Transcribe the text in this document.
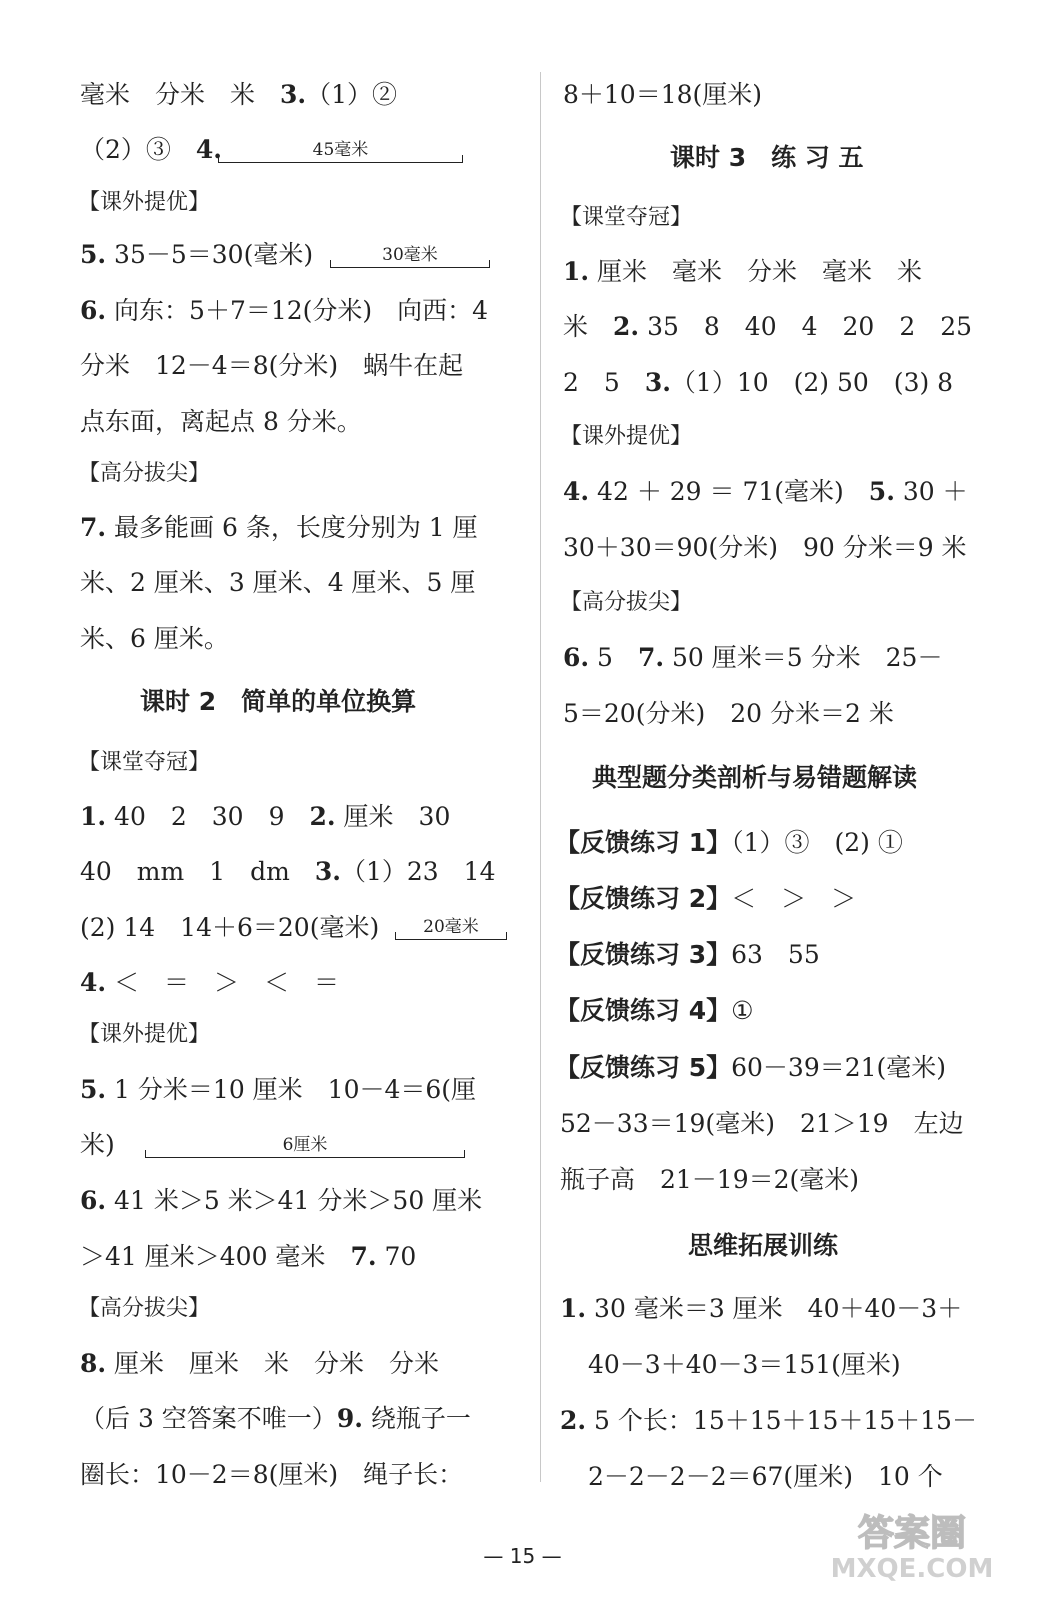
毫米　分米　米　3.（1）②
（2）③　4.	45毫米
【课外提优】
5. 35－5＝30(毫米)	30毫米
6. 向东：5＋7＝12(分米)　向西：4
分米　12－4＝8(分米)　蜗牛在起
点东面，离起点 8 分米。
【高分拔尖】
7. 最多能画 6 条，长度分别为 1 厘
米、2 厘米、3 厘米、4 厘米、5 厘
米、6 厘米。
课时 2　简单的单位换算
【课堂夺冠】
1. 40　2　30　9　2. 厘米　30
40　mm　1　dm　3.（1）23　14
(2) 14　14＋6＝20(毫米)	20毫米
4. ＜　＝　＞　＜　＝
【课外提优】
5. 1 分米＝10 厘米　10－4＝6(厘
米)	6厘米
6. 41 米＞5 米＞41 分米＞50 厘米
＞41 厘米＞400 毫米　7. 70
【高分拔尖】
8. 厘米　厘米　米　分米　分米
（后 3 空答案不唯一）9. 绕瓶子一
圈长：10－2＝8(厘米)　绳子长：
8＋10＝18(厘米)
课时 3　练 习 五
【课堂夺冠】
1. 厘米　毫米　分米　毫米　米
米　2. 35　8　40　4　20　2　25
2　5　3.（1）10　(2) 50　(3) 8
【课外提优】
4. 42 ＋ 29 ＝ 71(毫米)　5. 30 ＋
30＋30＝90(分米)　90 分米＝9 米
【高分拔尖】
6. 5　7. 50 厘米＝5 分米　25－
5＝20(分米)　20 分米＝2 米
典型题分类剖析与易错题解读
【反馈练习 1】（1）③　(2) ①
【反馈练习 2】＜　＞　＞
【反馈练习 3】63　55
【反馈练习 4】①
【反馈练习 5】60－39＝21(毫米)
52－33＝19(毫米)　21＞19　左边
瓶子高　21－19＝2(毫米)
思维拓展训练
1. 30 毫米＝3 厘米　40＋40－3＋
40－3＋40－3＝151(厘米)
2. 5 个长：15＋15＋15＋15＋15－
2－2－2－2＝67(厘米)　10 个
— 15 —
答案圈
MXQE.COM
